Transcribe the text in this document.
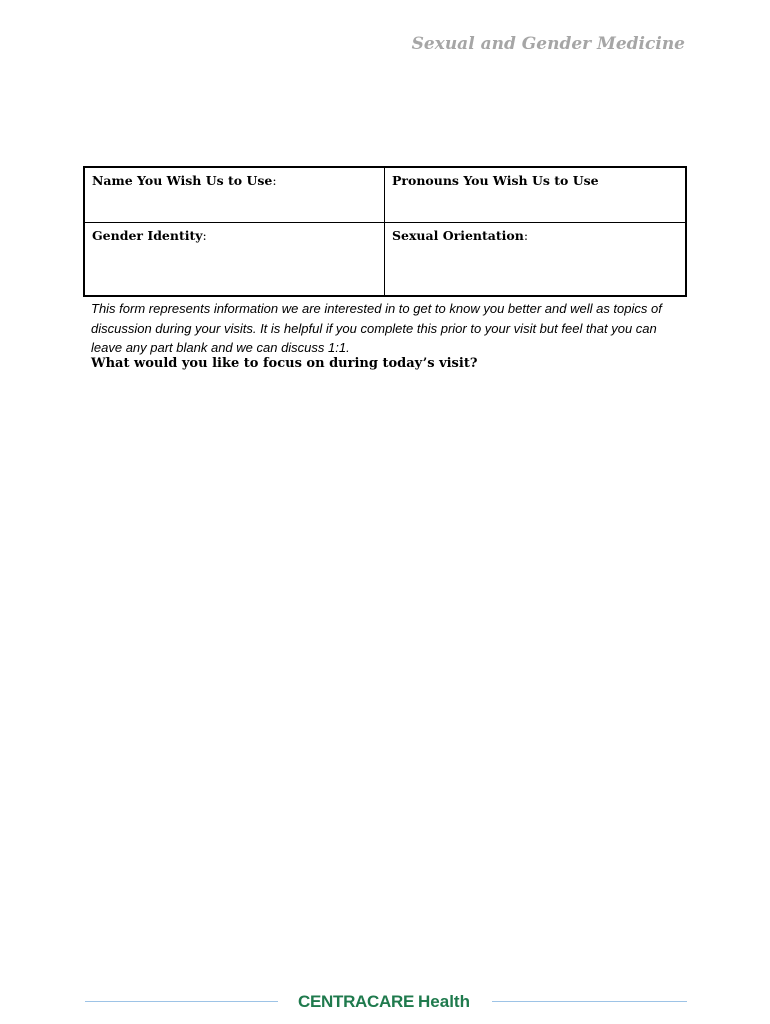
Sexual and Gender Medicine
Name You Wish Us to Use:	Pronouns You Wish Us to Use
Gender Identity:	Sexual Orientation:
This form represents information we are interested in to get to know you better and well as topics of discussion during your visits. It is helpful if you complete this prior to your visit but feel that you can leave any part blank and we can discuss 1:1.
What would you like to focus on during today’s visit?
CENTRACARE Health
